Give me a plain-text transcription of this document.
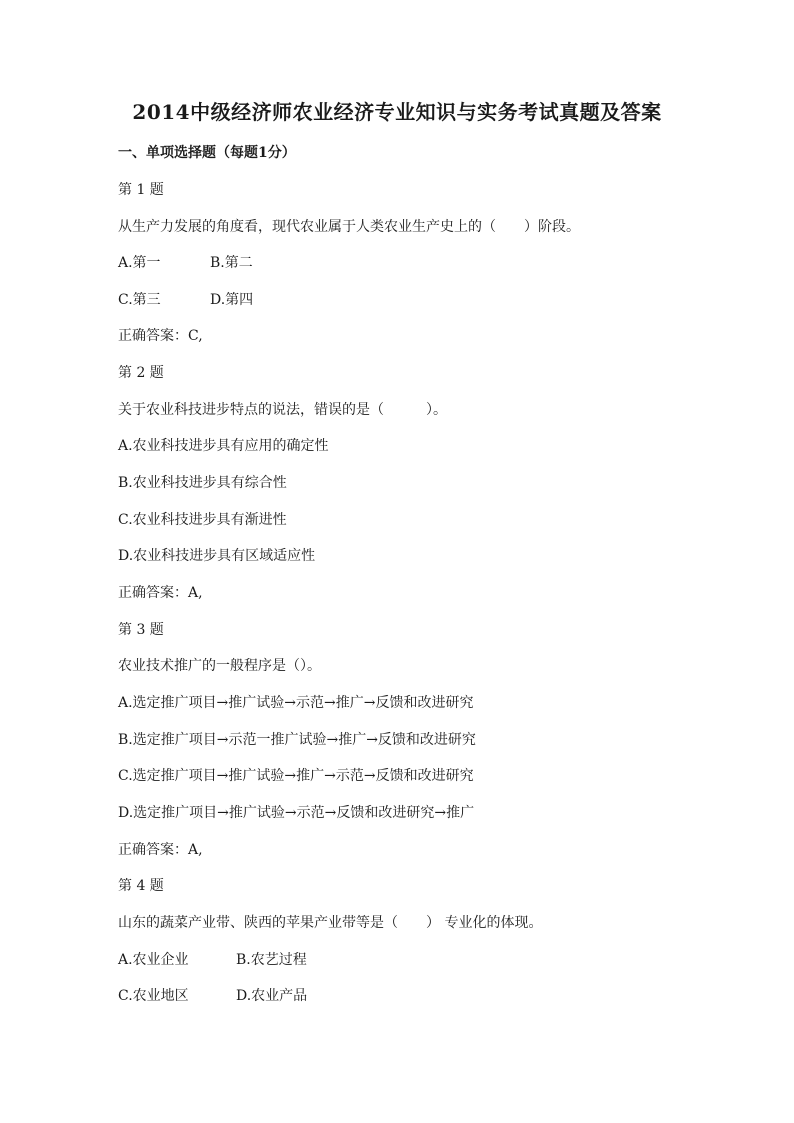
2014中级经济师农业经济专业知识与实务考试真题及答案
一、单项选择题（每题1分）
第 1 题
从生产力发展的角度看，现代农业属于人类农业生产史上的（　　）阶段。
A.第一	B.第二
C.第三	D.第四
正确答案：C,
第 2 题
关于农业科技进步特点的说法，错误的是（　　　）。
A.农业科技进步具有应用的确定性
B.农业科技进步具有综合性
C.农业科技进步具有渐进性
D.农业科技进步具有区域适应性
正确答案：A,
第 3 题
农业技术推广的一般程序是（）。
A.选定推广项目→推广试验→示范→推广→反馈和改进研究
B.选定推广项目→示范一推广试验→推广→反馈和改进研究
C.选定推广项目→推广试验→推广→示范→反馈和改进研究
D.选定推广项目→推广试验→示范→反馈和改进研究→推广
正确答案：A,
第 4 题
山东的蔬菜产业带、陕西的苹果产业带等是（　　） 专业化的体现。
A.农业企业	B.农艺过程
C.农业地区	D.农业产品
